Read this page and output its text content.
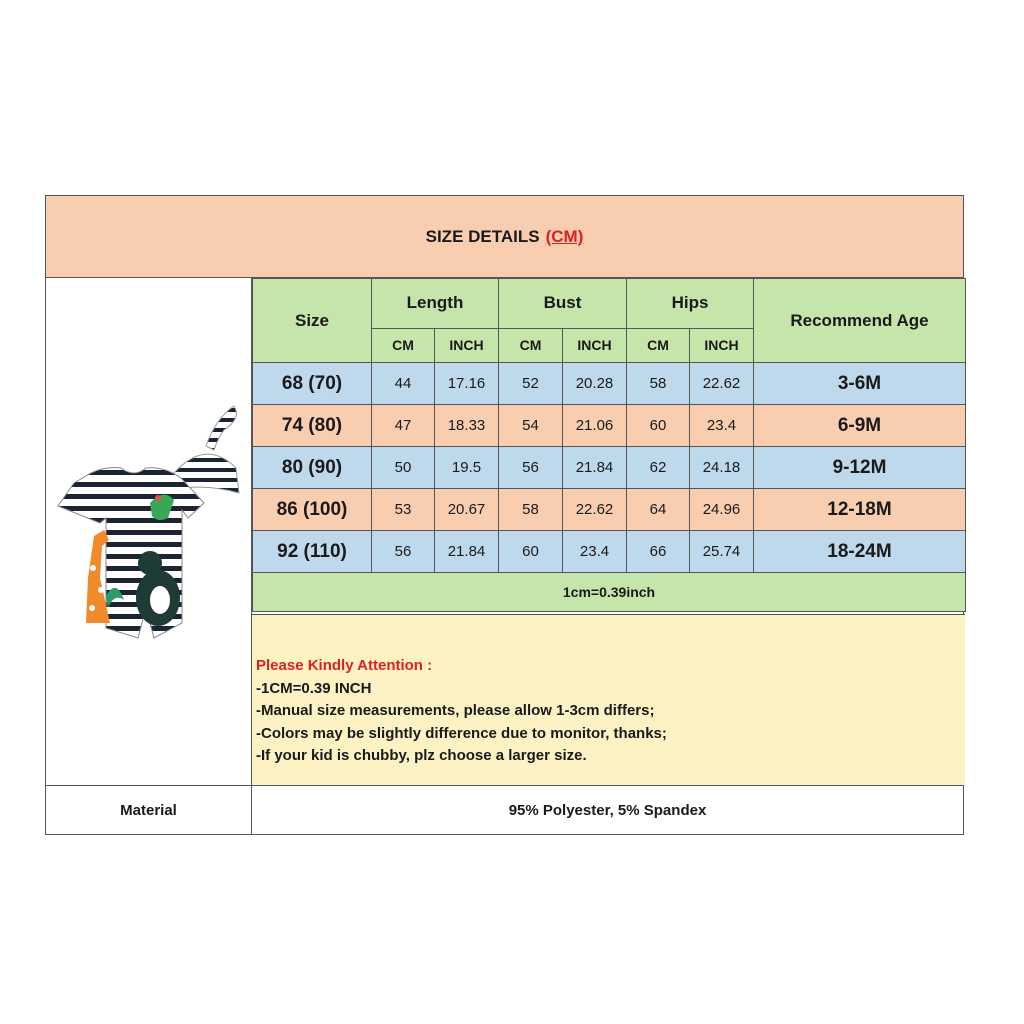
SIZE DETAILS (CM)
Size	Length		Bust		Hips		Recommend Age
	CM	INCH	CM	INCH	CM	INCH	
68 (70)	44	17.16	52	20.28	58	22.62	3-6M
74 (80)	47	18.33	54	21.06	60	23.4	6-9M
80 (90)	50	19.5	56	21.84	62	24.18	9-12M
86 (100)	53	20.67	58	22.62	64	24.96	12-18M
92 (110)	56	21.84	60	23.4	66	25.74	18-24M
1cm=0.39inch							
Please Kindly Attention :
-1CM=0.39 INCH
-Manual size measurements, please allow 1-3cm differs;
-Colors may be slightly difference due to monitor, thanks;
-If your kid is chubby, plz choose a larger size.
Material	95% Polyester, 5% Spandex
